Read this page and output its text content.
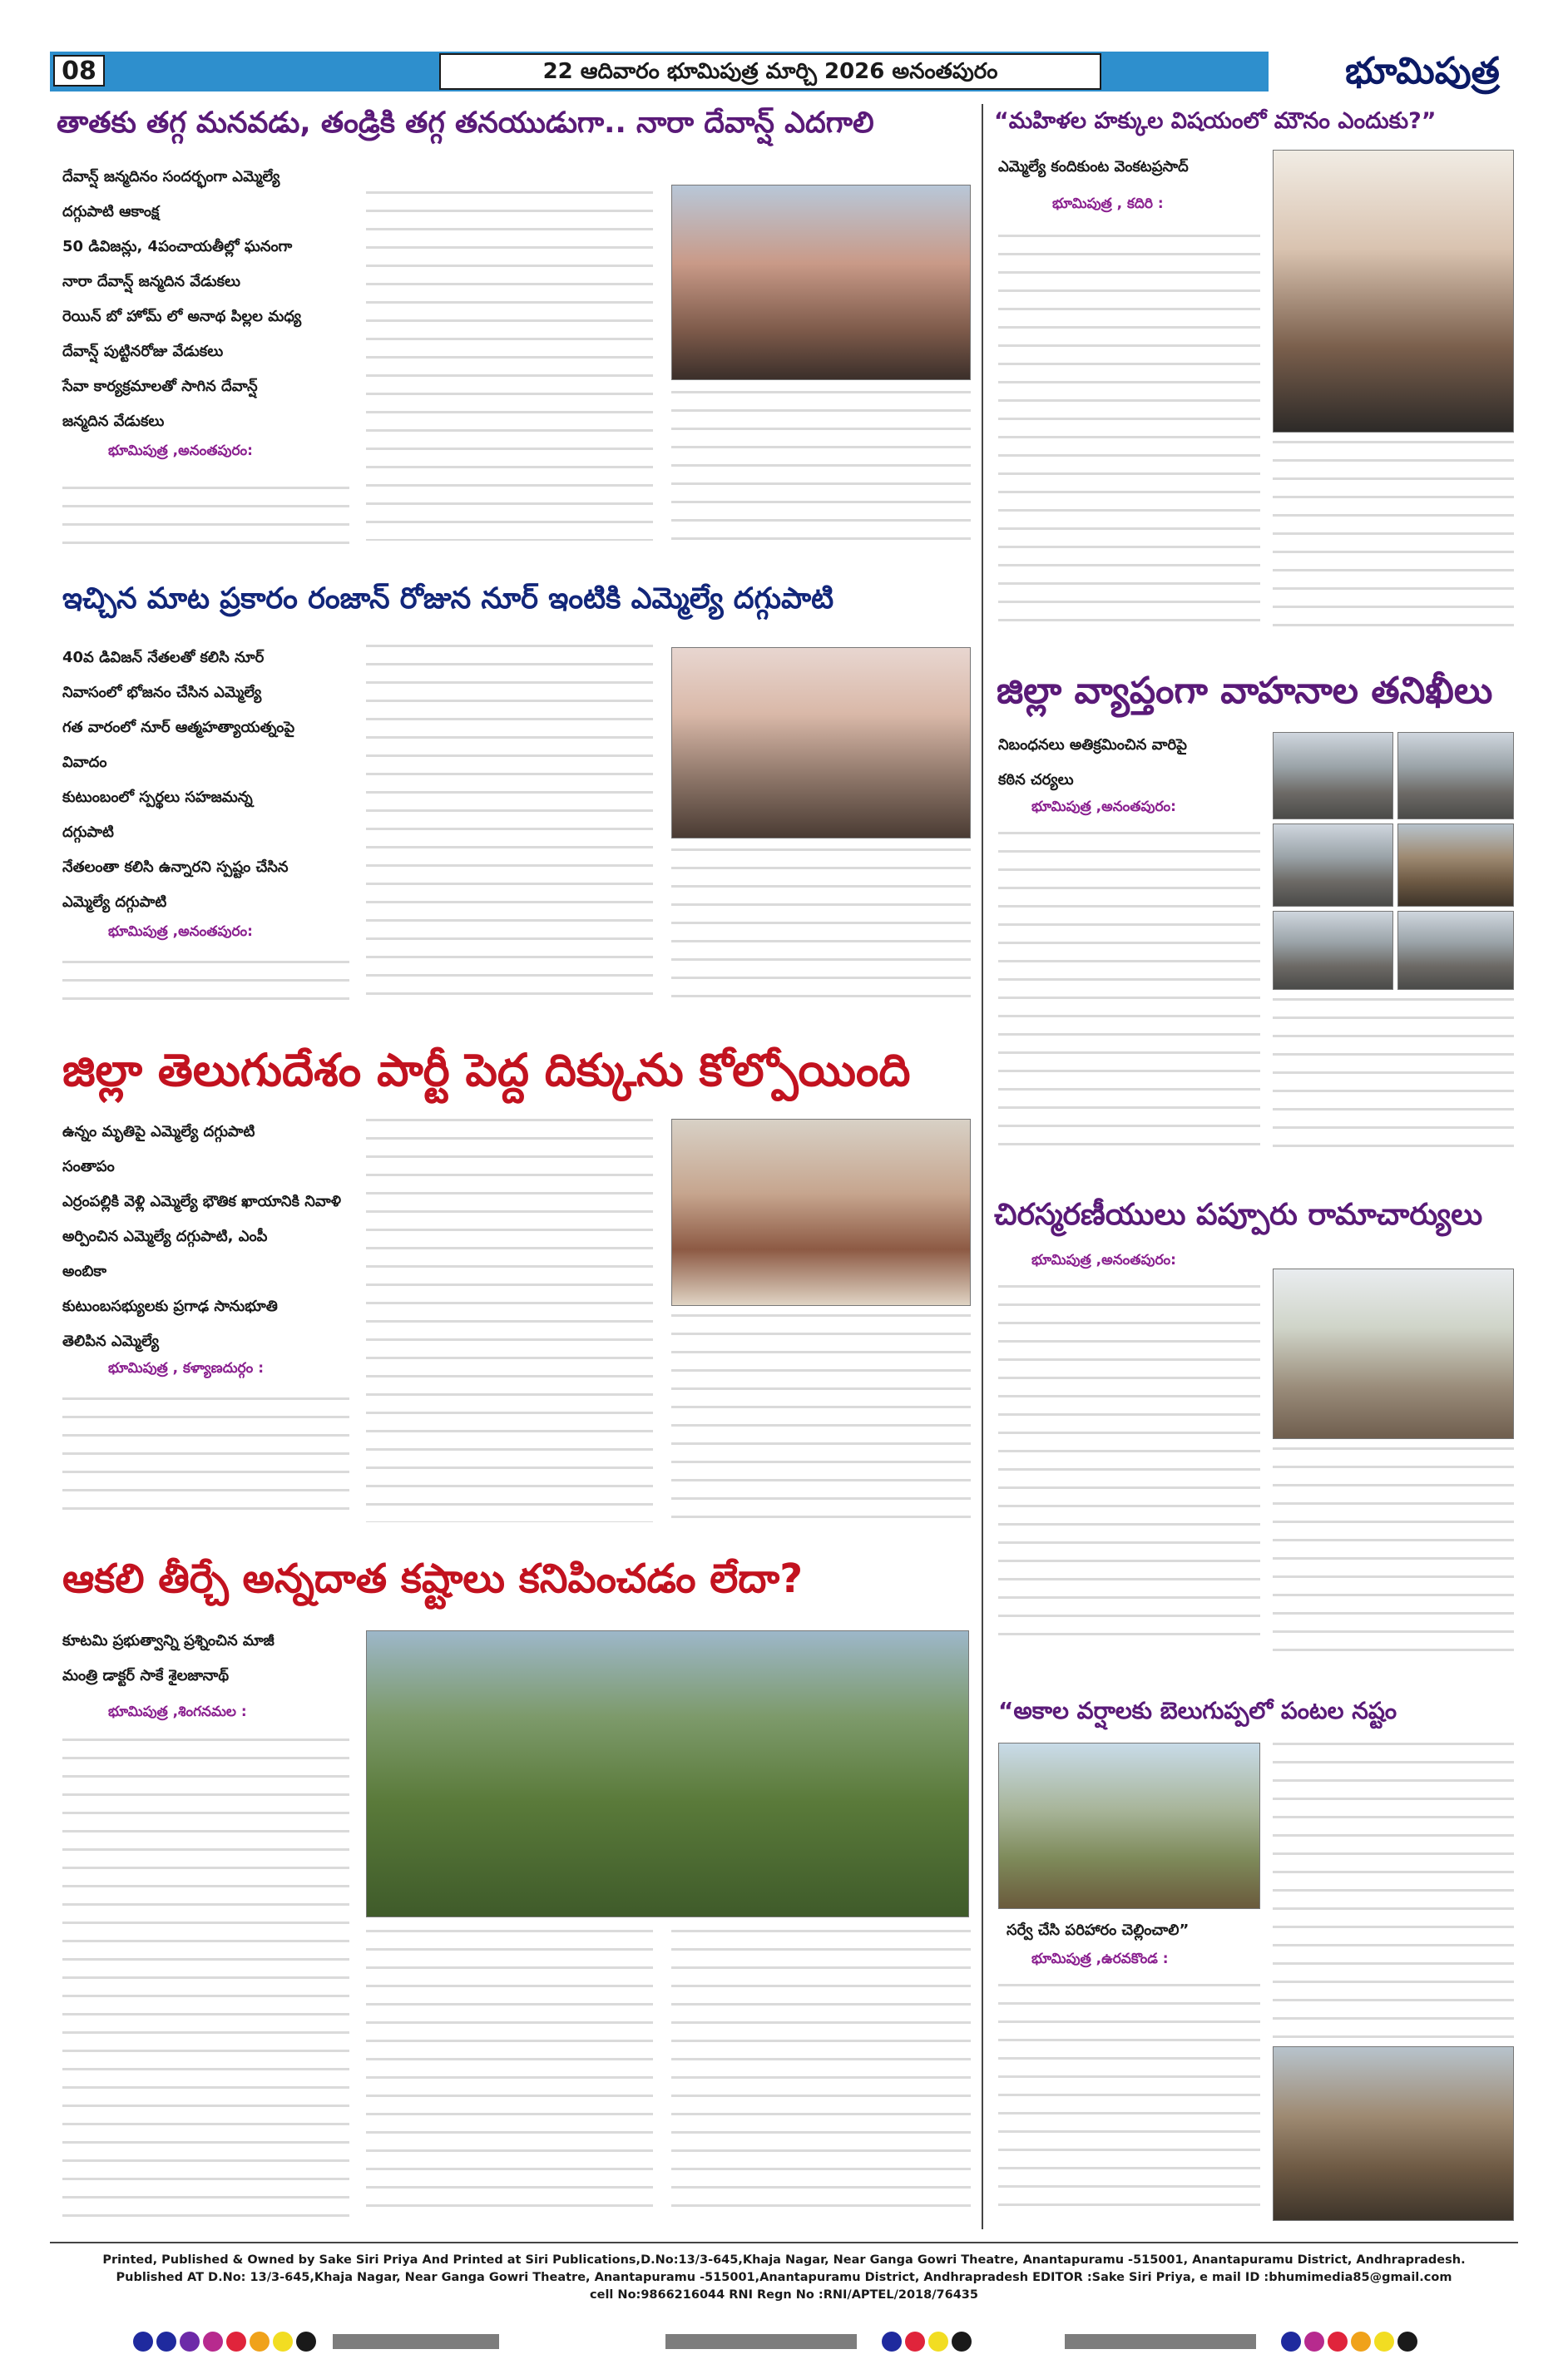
08	22 ఆదివారం భూమిపుత్ర మార్చి 2026 అనంతపురం	భూమిపుత్ర
తాతకు తగ్గ మనవడు, తండ్రికి తగ్గ తనయుడుగా.. నారా దేవాన్ష్ ఎదగాలి
దేవాన్ష్ జన్మదినం సందర్భంగా ఎమ్మెల్యే
దగ్గుపాటి ఆకాంక్ష
50 డివిజన్లు, 4పంచాయతీల్లో ఘనంగా
నారా దేవాన్ష్ జన్మదిన వేడుకలు
రెయిన్ బో హోమ్ లో అనాథ పిల్లల మధ్య
దేవాన్ష్ పుట్టినరోజు వేడుకలు
సేవా కార్యక్రమాలతో సాగిన దేవాన్ష్
జన్మదిన వేడుకలు
భూమిపుత్ర ,అనంతపురం:
ఇచ్చిన మాట ప్రకారం రంజాన్ రోజున నూర్ ఇంటికి ఎమ్మెల్యే దగ్గుపాటి
40వ డివిజన్ నేతలతో కలిసి నూర్
నివాసంలో భోజనం చేసిన ఎమ్మెల్యే
గత వారంలో నూర్ ఆత్మహత్యాయత్నంపై
వివాదం
కుటుంబంలో స్పర్థలు సహజమన్న
దగ్గుపాటి
నేతలంతా కలిసి ఉన్నారని స్పష్టం చేసిన
ఎమ్మెల్యే దగ్గుపాటి
భూమిపుత్ర ,అనంతపురం:
జిల్లా తెలుగుదేశం పార్టీ పెద్ద దిక్కును కోల్పోయింది
ఉన్నం మృతిపై ఎమ్మెల్యే దగ్గుపాటి
సంతాపం
ఎర్రంపల్లికి వెళ్లి ఎమ్మెల్యే భౌతిక ఖాయానికి నివాళి
అర్పించిన ఎమ్మెల్యే దగ్గుపాటి, ఎంపీ
అంబికా
కుటుంబసభ్యులకు ప్రగాఢ సానుభూతి
తెలిపిన ఎమ్మెల్యే
భూమిపుత్ర , కళ్యాణదుర్గం :
ఆకలి తీర్చే అన్నదాత కష్టాలు కనిపించడం లేదా?
కూటమి ప్రభుత్వాన్ని ప్రశ్నించిన మాజీ
మంత్రి డాక్టర్ సాకే శైలజానాథ్
భూమిపుత్ర ,శింగనమల :
“మహిళల హక్కుల విషయంలో మౌనం ఎందుకు?”
ఎమ్మెల్యే కందికుంట వెంకటప్రసాద్
భూమిపుత్ర , కదిరి :
జిల్లా వ్యాప్తంగా వాహనాల తనిఖీలు
నిబంధనలు అతిక్రమించిన వారిపై
కఠిన చర్యలు
భూమిపుత్ర ,అనంతపురం:
చిరస్మరణీయులు పప్పూరు రామాచార్యులు
భూమిపుత్ర ,అనంతపురం:
“అకాల వర్షాలకు బెలుగుప్పలో పంటల నష్టం
సర్వే చేసి పరిహారం చెల్లించాలి”
భూమిపుత్ర ,ఉరవకొండ :
Printed, Published & Owned by Sake Siri Priya And Printed at Siri Publications,D.No:13/3-645,Khaja Nagar, Near Ganga Gowri Theatre, Anantapuramu -515001, Anantapuramu District, Andhrapradesh.
Published AT D.No: 13/3-645,Khaja Nagar, Near Ganga Gowri Theatre, Anantapuramu -515001,Anantapuramu District, Andhrapradesh EDITOR :Sake Siri Priya, e mail ID :bhumimedia85@gmail.com
cell No:9866216044 RNI Regn No :RNI/APTEL/2018/76435
